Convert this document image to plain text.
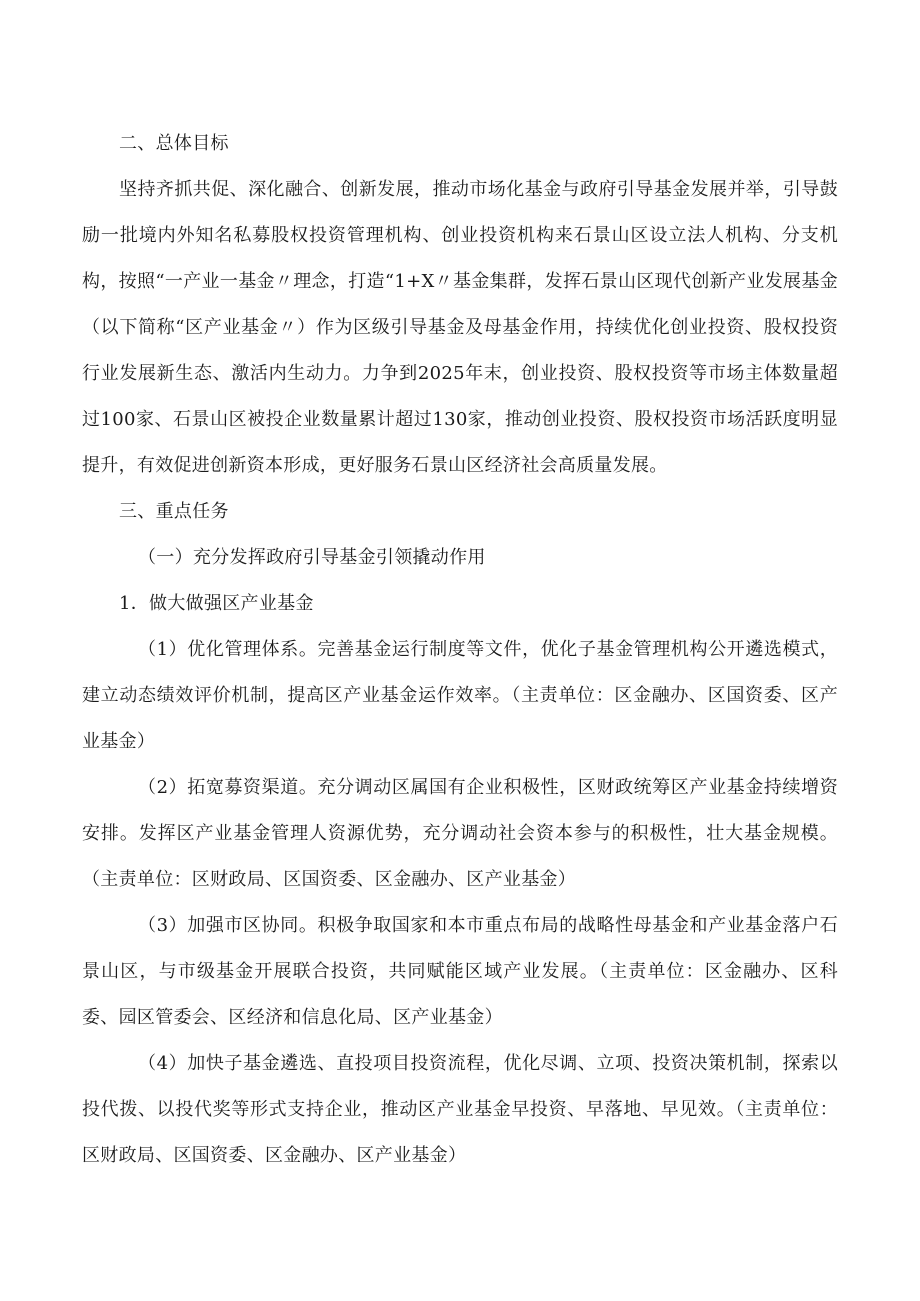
二、总体目标

坚持齐抓共促、深化融合、创新发展，推动市场化基金与政府引导基金发展并举，引导鼓励一批境内外知名私募股权投资管理机构、创业投资机构来石景山区设立法人机构、分支机构，按照“一产业一基金〃理念，打造“1+X〃基金集群，发挥石景山区现代创新产业发展基金（以下简称“区产业基金〃）作为区级引导基金及母基金作用，持续优化创业投资、股权投资行业发展新生态、激活内生动力。力争到2025年末，创业投资、股权投资等市场主体数量超过100家、石景山区被投企业数量累计超过130家，推动创业投资、股权投资市场活跃度明显提升，有效促进创新资本形成，更好服务石景山区经济社会高质量发展。

三、重点任务

（一）充分发挥政府引导基金引领撬动作用

1．做大做强区产业基金

（1）优化管理体系。完善基金运行制度等文件，优化子基金管理机构公开遴选模式，建立动态绩效评价机制，提高区产业基金运作效率。（主责单位：区金融办、区国资委、区产业基金）

（2）拓宽募资渠道。充分调动区属国有企业积极性，区财政统筹区产业基金持续增资安排。发挥区产业基金管理人资源优势，充分调动社会资本参与的积极性，壮大基金规模。（主责单位：区财政局、区国资委、区金融办、区产业基金）

（3）加强市区协同。积极争取国家和本市重点布局的战略性母基金和产业基金落户石景山区，与市级基金开展联合投资，共同赋能区域产业发展。（主责单位：区金融办、区科委、园区管委会、区经济和信息化局、区产业基金）

（4）加快子基金遴选、直投项目投资流程，优化尽调、立项、投资决策机制，探索以投代拨、以投代奖等形式支持企业，推动区产业基金早投资、早落地、早见效。（主责单位：区财政局、区国资委、区金融办、区产业基金）
